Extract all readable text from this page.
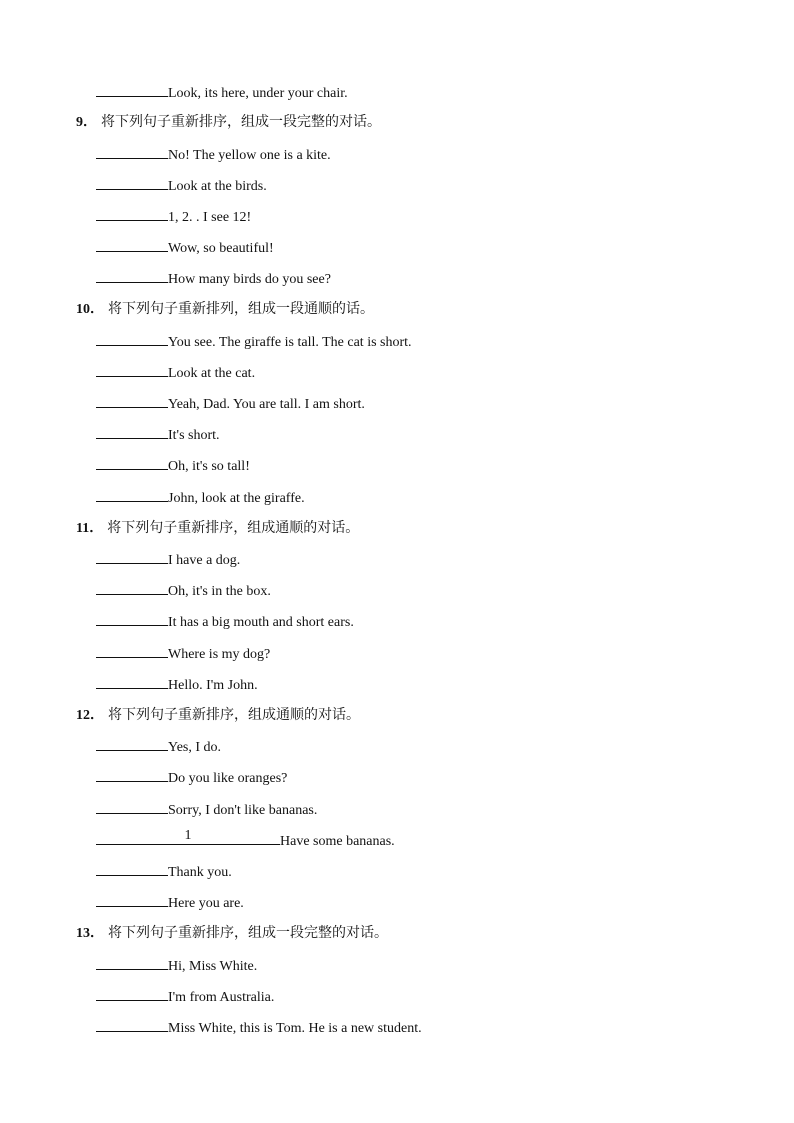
Look, its here, under your chair.
9． 将下列句子重新排序，组成一段完整的对话。
No! The yellow one is a kite.
Look at the birds.
1, 2. . I see 12!
Wow, so beautiful!
How many birds do you see?
10． 将下列句子重新排列，组成一段通顺的话。
You see. The giraffe is tall. The cat is short.
Look at the cat.
Yeah, Dad. You are tall. I am short.
It's short.
Oh, it's so tall!
John, look at the giraffe.
11． 将下列句子重新排序，组成通顺的对话。
I have a dog.
Oh, it's in the box.
It has a big mouth and short ears.
Where is my dog?
Hello. I'm John.
12． 将下列句子重新排序，组成通顺的对话。
Yes, I do.
Do you like oranges?
Sorry, I don't like bananas.
1	Have some bananas.
Thank you.
Here you are.
13． 将下列句子重新排序，组成一段完整的对话。
Hi, Miss White.
I'm from Australia.
Miss White, this is Tom. He is a new student.
